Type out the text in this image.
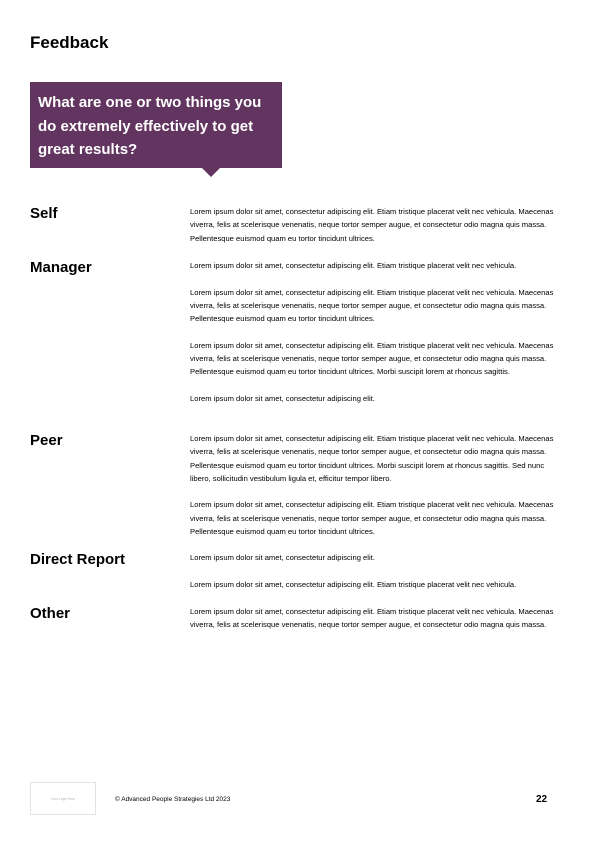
Feedback

What are one or two things you do extremely effectively to get great results?

Self	Lorem ipsum dolor sit amet, consectetur adipiscing elit. Etiam tristique placerat velit nec vehicula. Maecenas viverra, felis at scelerisque venenatis, neque tortor semper augue, et consectetur odio magna quis massa. Pellentesque euismod quam eu tortor tincidunt ultrices.

Manager	Lorem ipsum dolor sit amet, consectetur adipiscing elit. Etiam tristique placerat velit nec vehicula.

Lorem ipsum dolor sit amet, consectetur adipiscing elit. Etiam tristique placerat velit nec vehicula. Maecenas viverra, felis at scelerisque venenatis, neque tortor semper augue, et consectetur odio magna quis massa. Pellentesque euismod quam eu tortor tincidunt ultrices.

Lorem ipsum dolor sit amet, consectetur adipiscing elit. Etiam tristique placerat velit nec vehicula. Maecenas viverra, felis at scelerisque venenatis, neque tortor semper augue, et consectetur odio magna quis massa. Pellentesque euismod quam eu tortor tincidunt ultrices. Morbi suscipit lorem at rhoncus sagittis.

Lorem ipsum dolor sit amet, consectetur adipiscing elit.

Peer	Lorem ipsum dolor sit amet, consectetur adipiscing elit. Etiam tristique placerat velit nec vehicula. Maecenas viverra, felis at scelerisque venenatis, neque tortor semper augue, et consectetur odio magna quis massa. Pellentesque euismod quam eu tortor tincidunt ultrices. Morbi suscipit lorem at rhoncus sagittis. Sed nunc libero, sollicitudin vestibulum ligula et, efficitur tempor libero.

Lorem ipsum dolor sit amet, consectetur adipiscing elit. Etiam tristique placerat velit nec vehicula. Maecenas viverra, felis at scelerisque venenatis, neque tortor semper augue, et consectetur odio magna quis massa. Pellentesque euismod quam eu tortor tincidunt ultrices.

Direct Report	Lorem ipsum dolor sit amet, consectetur adipiscing elit.

Lorem ipsum dolor sit amet, consectetur adipiscing elit. Etiam tristique placerat velit nec vehicula.

Other	Lorem ipsum dolor sit amet, consectetur adipiscing elit. Etiam tristique placerat velit nec vehicula. Maecenas viverra, felis at scelerisque venenatis, neque tortor semper augue, et consectetur odio magna quis massa.

Your Logo Here	© Advanced People Strategies Ltd 2023	22
